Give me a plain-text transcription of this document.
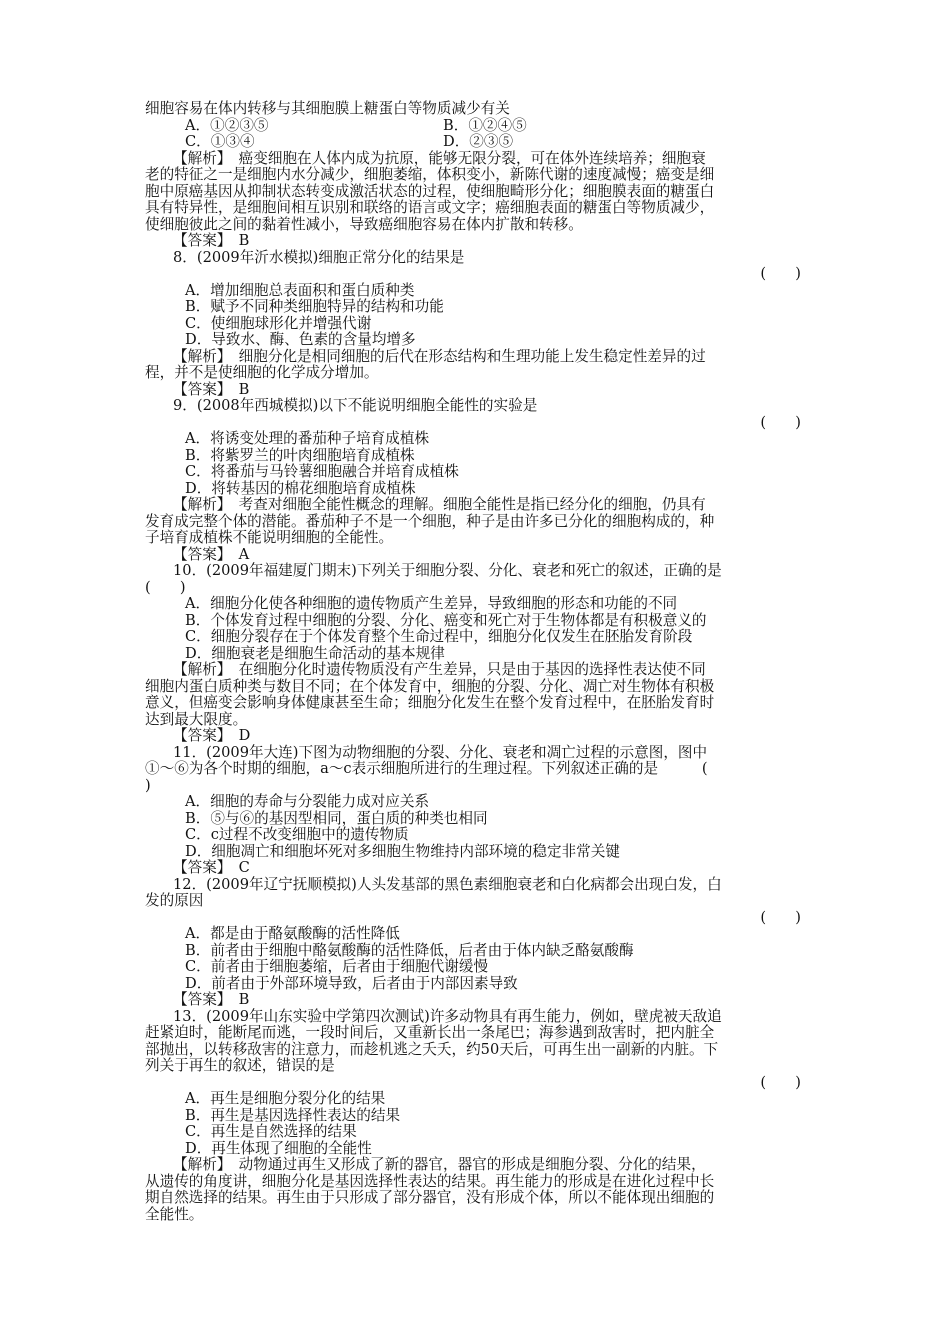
细胞容易在体内转移与其细胞膜上糖蛋白等物质减少有关
A．①②③⑤	B．①②④⑤
C．①③④	D．②③⑤
【解析】　癌变细胞在人体内成为抗原，能够无限分裂，可在体外连续培养；细胞衰
老的特征之一是细胞内水分减少，细胞萎缩，体积变小，新陈代谢的速度减慢；癌变是细
胞中原癌基因从抑制状态转变成激活状态的过程，使细胞畸形分化；细胞膜表面的糖蛋白
具有特异性，是细胞间相互识别和联络的语言或文字；癌细胞表面的糖蛋白等物质减少，
使细胞彼此之间的黏着性减小，导致癌细胞容易在体内扩散和转移。
【答案】　B
8．(2009年沂水模拟)细胞正常分化的结果是
(　　)
A．增加细胞总表面积和蛋白质种类
B．赋予不同种类细胞特异的结构和功能
C．使细胞球形化并增强代谢
D．导致水、酶、色素的含量均增多
【解析】　细胞分化是相同细胞的后代在形态结构和生理功能上发生稳定性差异的过
程，并不是使细胞的化学成分增加。
【答案】　B
9．(2008年西城模拟)以下不能说明细胞全能性的实验是
(　　)
A．将诱变处理的番茄种子培育成植株
B．将紫罗兰的叶肉细胞培育成植株
C．将番茄与马铃薯细胞融合并培育成植株
D．将转基因的棉花细胞培育成植株
【解析】　考查对细胞全能性概念的理解。细胞全能性是指已经分化的细胞，仍具有
发育成完整个体的潜能。番茄种子不是一个细胞，种子是由许多已分化的细胞构成的，种
子培育成植株不能说明细胞的全能性。
【答案】　A
10．(2009年福建厦门期末)下列关于细胞分裂、分化、衰老和死亡的叙述，正确的是
(　　)
A．细胞分化使各种细胞的遗传物质产生差异，导致细胞的形态和功能的不同
B．个体发育过程中细胞的分裂、分化、癌变和死亡对于生物体都是有积极意义的
C．细胞分裂存在于个体发育整个生命过程中，细胞分化仅发生在胚胎发育阶段
D．细胞衰老是细胞生命活动的基本规律
【解析】　在细胞分化时遗传物质没有产生差异，只是由于基因的选择性表达使不同
细胞内蛋白质种类与数目不同；在个体发育中，细胞的分裂、分化、凋亡对生物体有积极
意义，但癌变会影响身体健康甚至生命；细胞分化发生在整个发育过程中，在胚胎发育时
达到最大限度。
【答案】　D
11．(2009年大连)下图为动物细胞的分裂、分化、衰老和凋亡过程的示意图，图中
①～⑥为各个时期的细胞，a～c表示细胞所进行的生理过程。下列叙述正确的是　　　(
)
A．细胞的寿命与分裂能力成对应关系
B．⑤与⑥的基因型相同，蛋白质的种类也相同
C．c过程不改变细胞中的遗传物质
D．细胞凋亡和细胞坏死对多细胞生物维持内部环境的稳定非常关键
【答案】　C
12．(2009年辽宁抚顺模拟)人头发基部的黑色素细胞衰老和白化病都会出现白发，白
发的原因
(　　)
A．都是由于酪氨酸酶的活性降低
B．前者由于细胞中酪氨酸酶的活性降低，后者由于体内缺乏酪氨酸酶
C．前者由于细胞萎缩，后者由于细胞代谢缓慢
D．前者由于外部环境导致，后者由于内部因素导致
【答案】　B
13．(2009年山东实验中学第四次测试)许多动物具有再生能力，例如，壁虎被天敌追
赶紧迫时，能断尾而逃，一段时间后，又重新长出一条尾巴；海参遇到敌害时，把内脏全
部抛出，以转移敌害的注意力，而趁机逃之夭夭，约50天后，可再生出一副新的内脏。下
列关于再生的叙述，错误的是
(　　)
A．再生是细胞分裂分化的结果
B．再生是基因选择性表达的结果
C．再生是自然选择的结果
D．再生体现了细胞的全能性
【解析】　动物通过再生又形成了新的器官，器官的形成是细胞分裂、分化的结果，
从遗传的角度讲，细胞分化是基因选择性表达的结果。再生能力的形成是在进化过程中长
期自然选择的结果。再生由于只形成了部分器官，没有形成个体，所以不能体现出细胞的
全能性。
